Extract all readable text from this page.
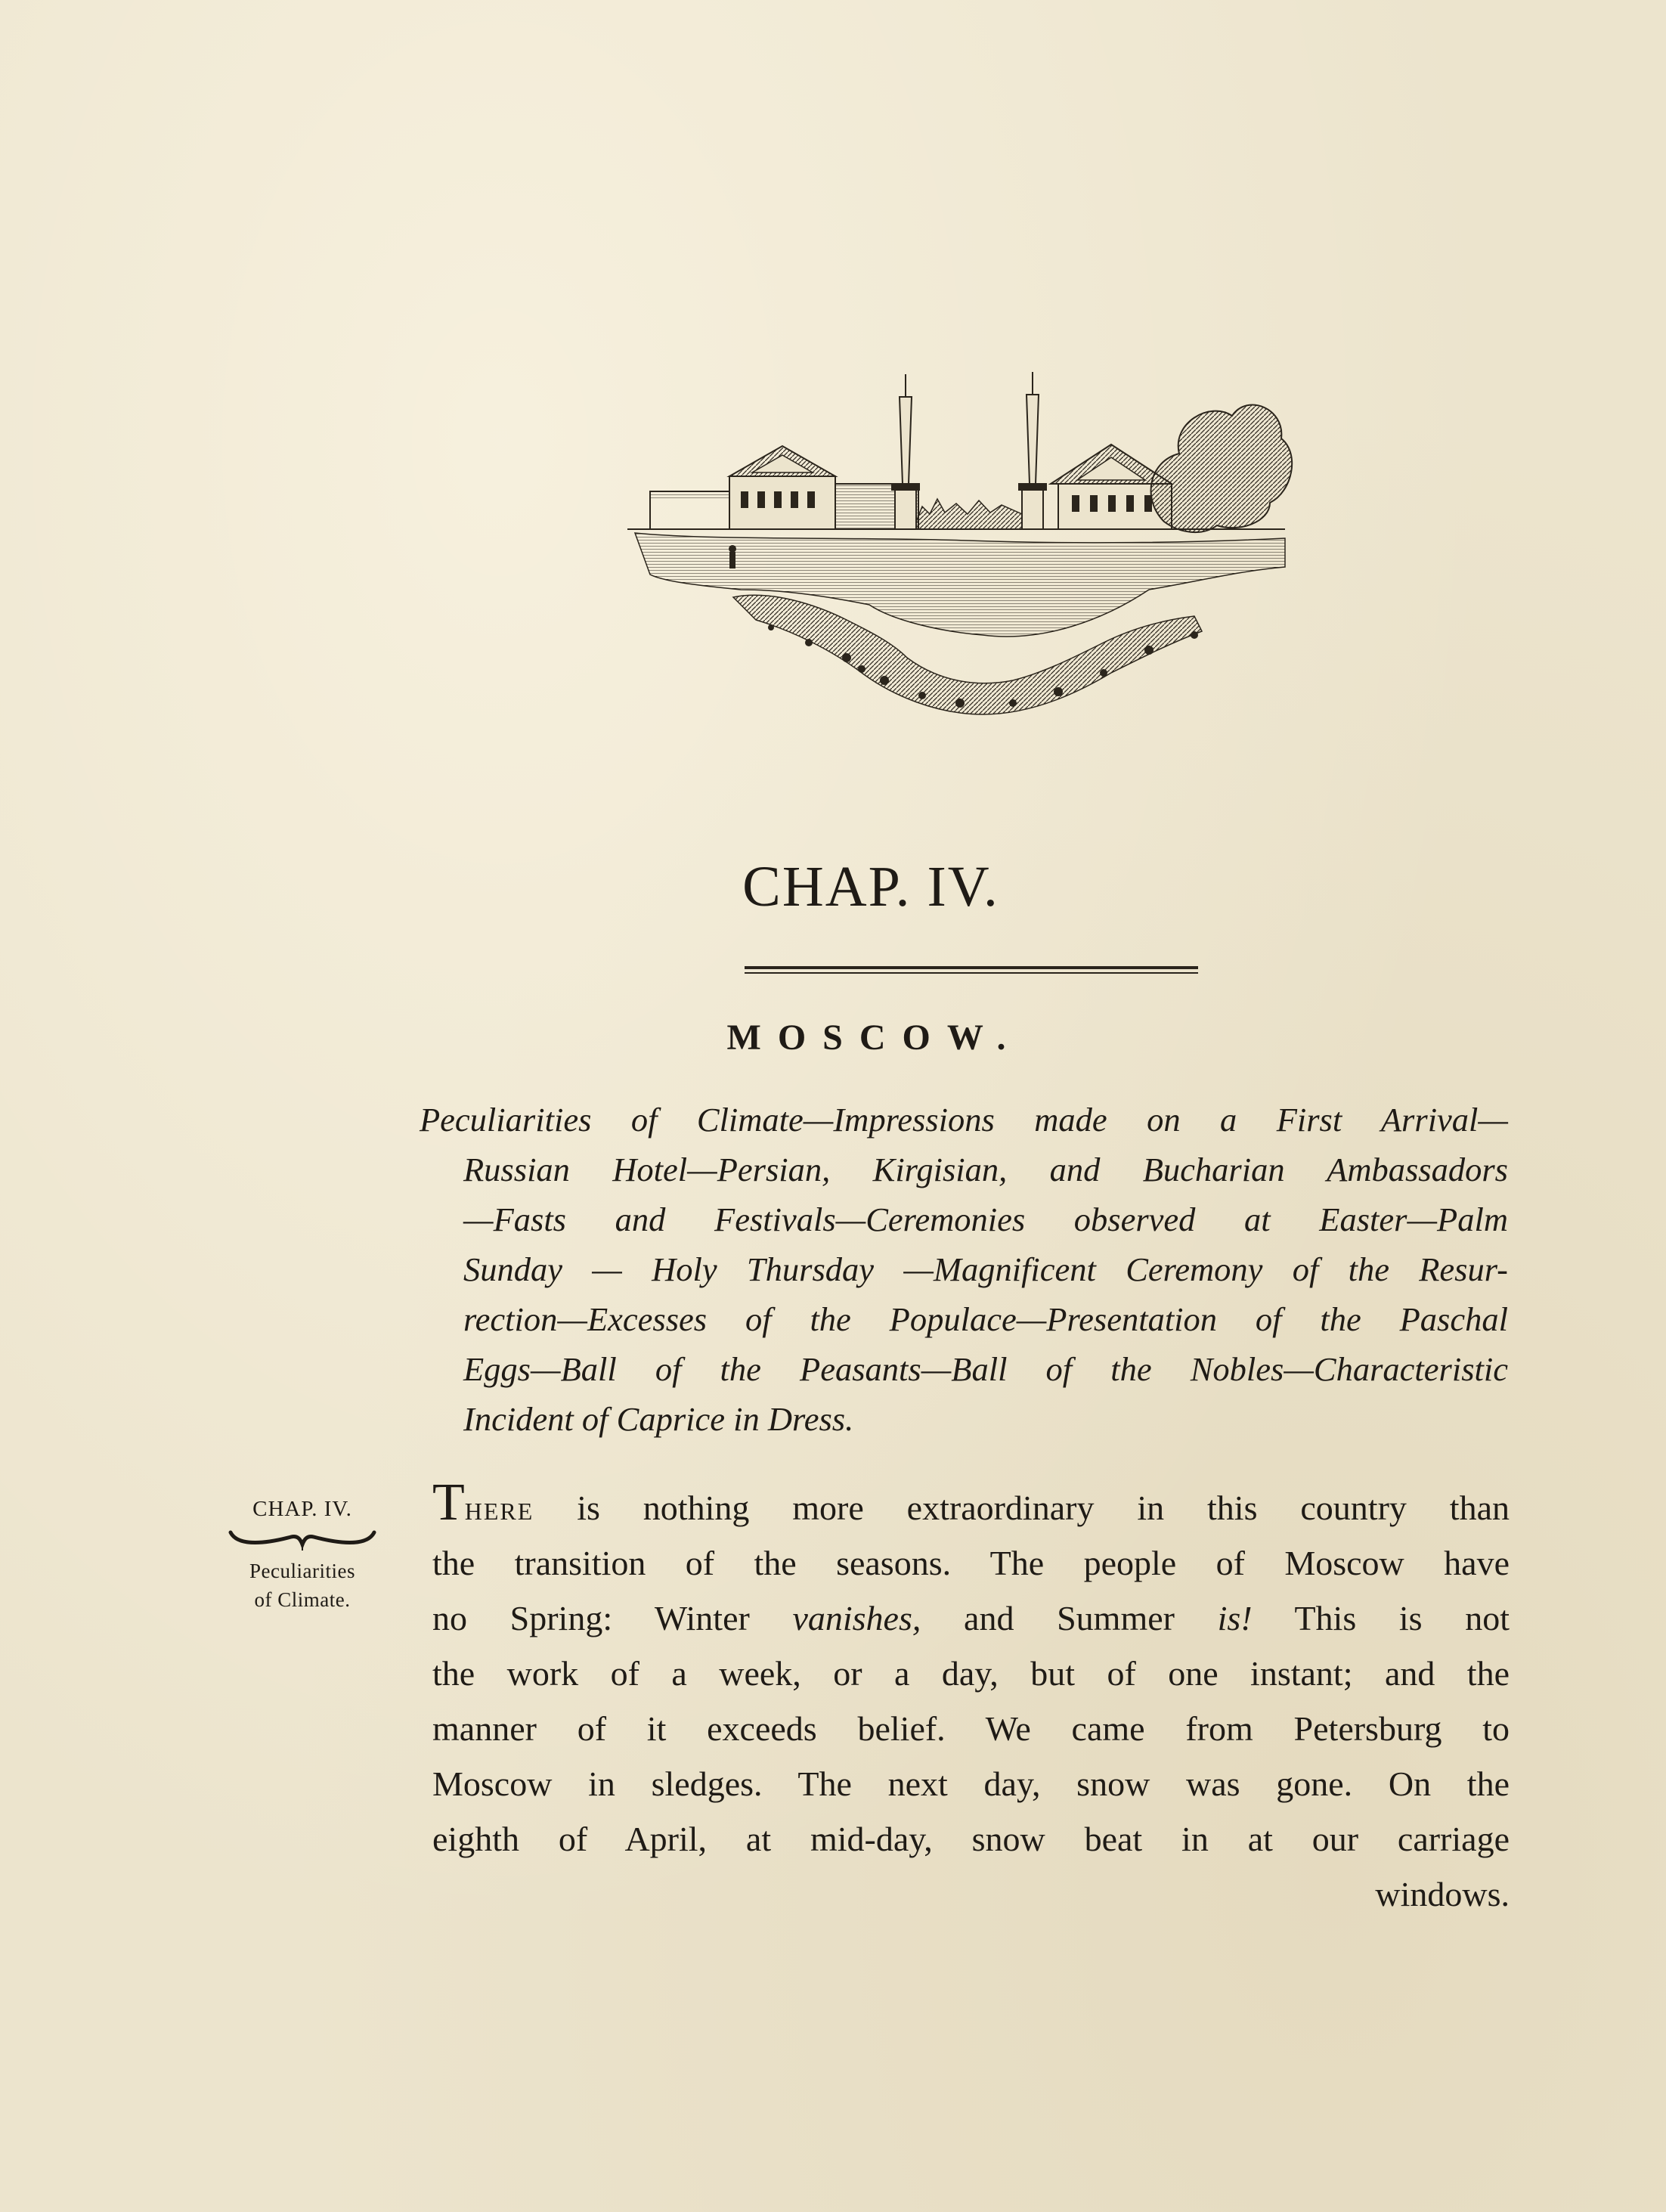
CHAP. IV.
MOSCOW.
Peculiarities of Climate—Impressions made on a First Arrival—
Russian Hotel—Persian, Kirgisian, and Bucharian Ambassadors
—Fasts and Festivals—Ceremonies observed at Easter—Palm
Sunday — Holy Thursday —Magnificent Ceremony of the Resur-
rection—Excesses of the Populace—Presentation of the Paschal
Eggs—Ball of the Peasants—Ball of the Nobles—Characteristic
Incident of Caprice in Dress.
CHAP. IV.
Peculiarities
of Climate.
There is nothing more extraordinary in this country than
the transition of the seasons. The people of Moscow have
no Spring: Winter vanishes, and Summer is! This is not
the work of a week, or a day, but of one instant; and the
manner of it exceeds belief. We came from Petersburg to
Moscow in sledges. The next day, snow was gone. On the
eighth of April, at mid-day, snow beat in at our carriage
windows.
